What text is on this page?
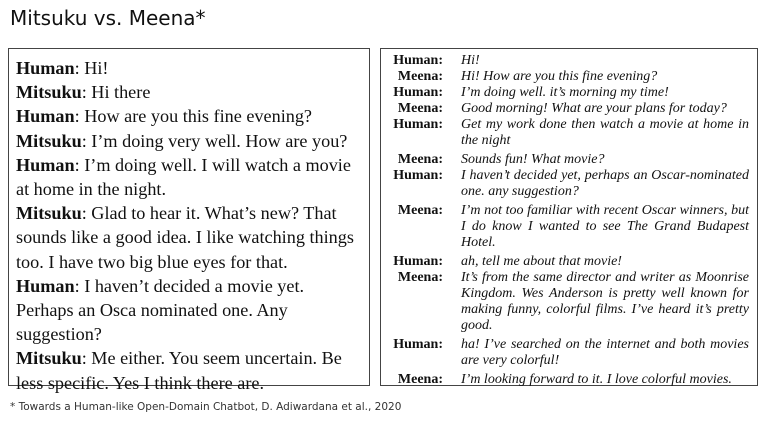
Mitsuku vs. Meena*
Human: Hi!
Mitsuku: Hi there
Human: How are you this fine evening?
Mitsuku: I’m doing very well. How are you?
Human: I’m doing well. I will watch a movie at home in the night.
Mitsuku: Glad to hear it. What’s new? That sounds like a good idea. I like watching things too. I have two big blue eyes for that.
Human: I haven’t decided a movie yet. Perhaps an Osca nominated one. Any suggestion?
Mitsuku: Me either. You seem uncertain. Be less specific. Yes I think there are.
Human: Hi!
Meena: Hi! How are you this fine evening?
Human: I’m doing well. it’s morning my time!
Meena: Good morning! What are your plans for today?
Human: Get my work done then watch a movie at home in the night
Meena: Sounds fun! What movie?
Human: I haven’t decided yet, perhaps an Oscar-nominated one. any suggestion?
Meena: I’m not too familiar with recent Oscar winners, but I do know I wanted to see The Grand Budapest Hotel.
Human: ah, tell me about that movie!
Meena: It’s from the same director and writer as Moonrise Kingdom. Wes Anderson is pretty well known for making funny, colorful films. I’ve heard it’s pretty good.
Human: ha! I’ve searched on the internet and both movies are very colorful!
Meena: I’m looking forward to it. I love colorful movies.
* Towards a Human-like Open-Domain Chatbot, D. Adiwardana et al., 2020
